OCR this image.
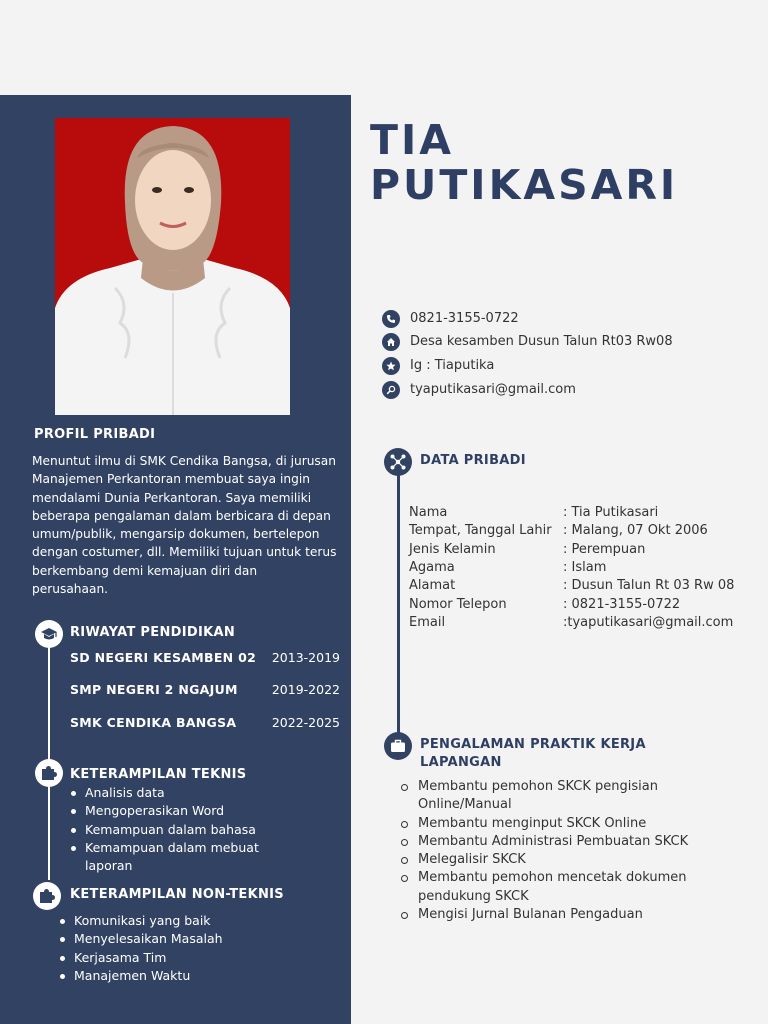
PROFIL PRIBADI

Menuntut ilmu di SMK Cendika Bangsa, di jurusan Manajemen Perkantoran membuat saya ingin mendalami Dunia Perkantoran. Saya memiliki beberapa pengalaman dalam berbicara di depan umum/publik, mengarsip dokumen, bertelepon dengan costumer, dll. Memiliki tujuan untuk terus berkembang demi kemajuan diri dan perusahaan.

RIWAYAT PENDIDIKAN
SD NEGERI KESAMBEN 02 2013-2019
SMP NEGERI 2 NGAJUM	2019-2022
SMK CENDIKA BANGSA	2022-2025
KETERAMPILAN TEKNIS
Analisis data
Mengoperasikan Word
Kemampuan dalam bahasa
Kemampuan dalam mebuat laporan
KETERAMPILAN NON-TEKNIS
Komunikasi yang baik
Menyelesaikan Masalah
Kerjasama Tim
Manajemen Waktu
TIA
PUTIKASARI
0821-3155-0722
Desa kesamben Dusun Talun Rt03 Rw08
Ig : Tiaputika
tyaputikasari@gmail.com
DATA PRIBADI
Nama	: Tia Putikasari
Tempat, Tanggal Lahir : Malang, 07 Okt 2006
Jenis Kelamin	: Perempuan
Agama	: Islam
Alamat	: Dusun Talun Rt 03 Rw 08
Nomor Telepon	: 0821-3155-0722
Email	:tyaputikasari@gmail.com
PENGALAMAN PRAKTIK KERJA
LAPANGAN
Membantu pemohon SKCK pengisian Online/Manual
Membantu menginput SKCK Online
Membantu Administrasi Pembuatan SKCK
Melegalisir SKCK
Membantu pemohon mencetak dokumen pendukung SKCK
Mengisi Jurnal Bulanan Pengaduan
